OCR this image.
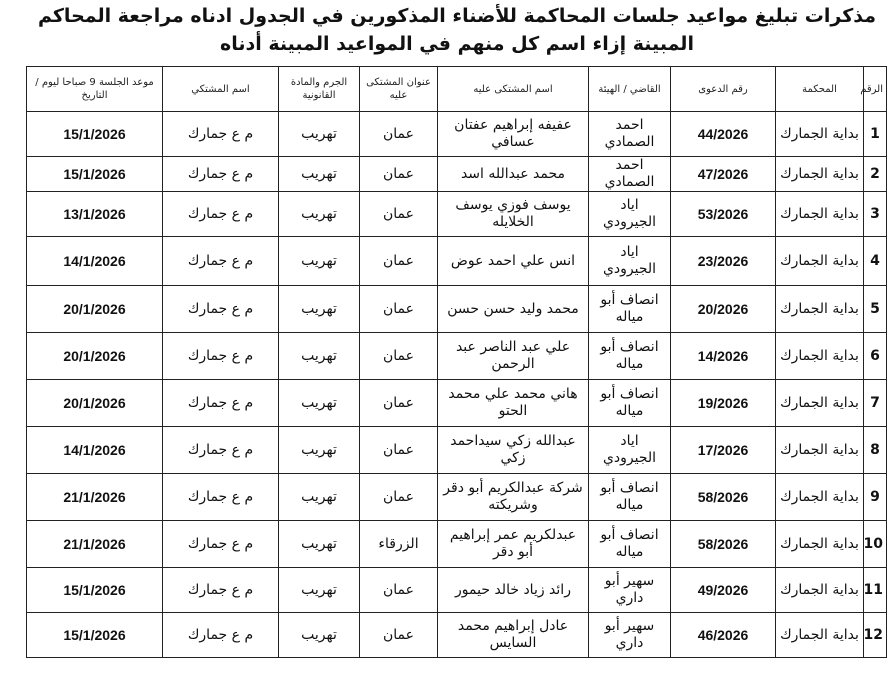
مذكرات تبليغ مواعيد جلسات المحاكمة للأضناء المذكورين في الجدول ادناه مراجعة المحاكم المبينة إزاء اسم كل منهم في المواعيد المبينة أدناه
الرقم	المحكمة	رقم الدعوى	القاضي / الهيئة	اسم المشتكى عليه	عنوان المشتكى عليه	الجرم والمادة القانونية	اسم المشتكي	موعد الجلسة 9 صباحا ليوم / التاريخ
1	بداية الجمارك	44/2026	احمد الصمادي	عفيفه إبراهيم عفتان عسافي	عمان	تهريب	م ع جمارك	15/1/2026
2	بداية الجمارك	47/2026	احمد الصمادي	محمد عبدالله اسد	عمان	تهريب	م ع جمارك	15/1/2026
3	بداية الجمارك	53/2026	اياد الجيرودي	يوسف فوزي يوسف الخلايله	عمان	تهريب	م ع جمارك	13/1/2026
4	بداية الجمارك	23/2026	اياد الجيرودي	انس علي احمد عوض	عمان	تهريب	م ع جمارك	14/1/2026
5	بداية الجمارك	20/2026	انصاف أبو مياله	محمد وليد حسن حسن	عمان	تهريب	م ع جمارك	20/1/2026
6	بداية الجمارك	14/2026	انصاف أبو مياله	علي عبد الناصر عبد الرحمن	عمان	تهريب	م ع جمارك	20/1/2026
7	بداية الجمارك	19/2026	انصاف أبو مياله	هاني محمد علي محمد الحتو	عمان	تهريب	م ع جمارك	20/1/2026
8	بداية الجمارك	17/2026	اياد الجيرودي	عبدالله زكي سيداحمد زكي	عمان	تهريب	م ع جمارك	14/1/2026
9	بداية الجمارك	58/2026	انصاف أبو مياله	شركة عبدالكريم أبو دقر وشريكته	عمان	تهريب	م ع جمارك	21/1/2026
10	بداية الجمارك	58/2026	انصاف أبو مياله	عبدلكريم عمر إبراهيم أبو دقر	الزرقاء	تهريب	م ع جمارك	21/1/2026
11	بداية الجمارك	49/2026	سهير أبو داري	رائد زياد خالد حيمور	عمان	تهريب	م ع جمارك	15/1/2026
12	بداية الجمارك	46/2026	سهير أبو داري	عادل إبراهيم محمد السايس	عمان	تهريب	م ع جمارك	15/1/2026
